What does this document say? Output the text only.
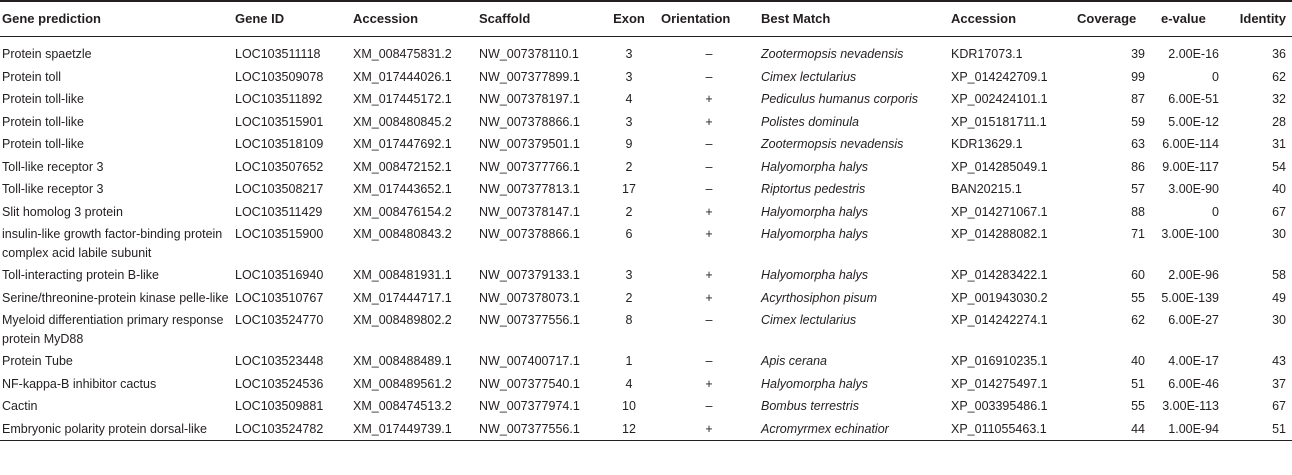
Gene prediction	Gene ID	Accession	Scaffold	Exon	Orientation	Best Match	Accession	Coverage	e-value	Identity
Protein spaetzle	LOC103511118	XM_008475831.2	NW_007378110.1	3	–	Zootermopsis nevadensis	KDR17073.1	39	2.00E-16	36
Protein toll	LOC103509078	XM_017444026.1	NW_007377899.1	3	–	Cimex lectularius	XP_014242709.1	99	0	62
Protein toll-like	LOC103511892	XM_017445172.1	NW_007378197.1	4	+	Pediculus humanus corporis	XP_002424101.1	87	6.00E-51	32
Protein toll-like	LOC103515901	XM_008480845.2	NW_007378866.1	3	+	Polistes dominula	XP_015181711.1	59	5.00E-12	28
Protein toll-like	LOC103518109	XM_017447692.1	NW_007379501.1	9	–	Zootermopsis nevadensis	KDR13629.1	63	6.00E-114	31
Toll-like receptor 3	LOC103507652	XM_008472152.1	NW_007377766.1	2	–	Halyomorpha halys	XP_014285049.1	86	9.00E-117	54
Toll-like receptor 3	LOC103508217	XM_017443652.1	NW_007377813.1	17	–	Riptortus pedestris	BAN20215.1	57	3.00E-90	40
Slit homolog 3 protein	LOC103511429	XM_008476154.2	NW_007378147.1	2	+	Halyomorpha halys	XP_014271067.1	88	0	67
insulin-like growth factor-binding protein complex acid labile subunit	LOC103515900	XM_008480843.2	NW_007378866.1	6	+	Halyomorpha halys	XP_014288082.1	71	3.00E-100	30
Toll-interacting protein B-like	LOC103516940	XM_008481931.1	NW_007379133.1	3	+	Halyomorpha halys	XP_014283422.1	60	2.00E-96	58
Serine/threonine-protein kinase pelle-like	LOC103510767	XM_017444717.1	NW_007378073.1	2	+	Acyrthosiphon pisum	XP_001943030.2	55	5.00E-139	49
Myeloid differentiation primary response protein MyD88	LOC103524770	XM_008489802.2	NW_007377556.1	8	–	Cimex lectularius	XP_014242274.1	62	6.00E-27	30
Protein Tube	LOC103523448	XM_008488489.1	NW_007400717.1	1	–	Apis cerana	XP_016910235.1	40	4.00E-17	43
NF-kappa-B inhibitor cactus	LOC103524536	XM_008489561.2	NW_007377540.1	4	+	Halyomorpha halys	XP_014275497.1	51	6.00E-46	37
Cactin	LOC103509881	XM_008474513.2	NW_007377974.1	10	–	Bombus terrestris	XP_003395486.1	55	3.00E-113	67
Embryonic polarity protein dorsal-like	LOC103524782	XM_017449739.1	NW_007377556.1	12	+	Acromyrmex echinatior	XP_011055463.1	44	1.00E-94	51
